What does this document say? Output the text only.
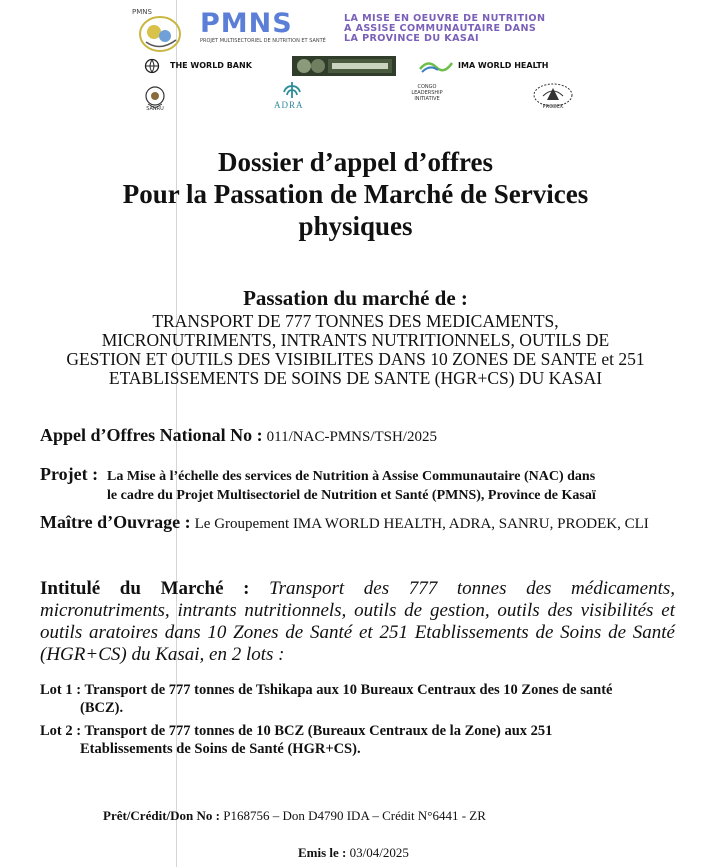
PMNS PMNS
PROJET MULTISECTORIEL DE NUTRITION ET SANTÉ
LA MISE EN OEUVRE DE NUTRITION
A ASSISE COMMUNAUTAIRE DANS
LA PROVINCE DU KASAI
THE WORLD BANK	IMA WORLD HEALTH
SANRU	ADRA
CONGO
LEADERSHIP
INITIATIVE
PRODEK
Dossier d’appel d’offres
Pour la Passation de Marché de Services
physiques
Passation du marché de :
TRANSPORT DE 777 TONNES DES MEDICAMENTS,
MICRONUTRIMENTS, INTRANTS NUTRITIONNELS, OUTILS DE
GESTION ET OUTILS DES VISIBILITES DANS 10 ZONES DE SANTE et 251
ETABLISSEMENTS DE SOINS DE SANTE (HGR+CS) DU KASAI
Appel d’Offres National No : 011/NAC-PMNS/TSH/2025
Projet : La Mise à l’échelle des services de Nutrition à Assise Communautaire (NAC) dans
le cadre du Projet Multisectoriel de Nutrition et Santé (PMNS), Province de Kasaï
Maître d’Ouvrage : Le Groupement IMA WORLD HEALTH, ADRA, SANRU, PRODEK, CLI
Intitulé du Marché : Transport des 777 tonnes des médicaments, micronutriments, intrants nutritionnels, outils de gestion, outils des visibilités et outils aratoires dans 10 Zones de Santé et 251 Etablissements de Soins de Santé (HGR+CS) du Kasai, en 2 lots :
Lot 1 : Transport de 777 tonnes de Tshikapa aux 10 Bureaux Centraux des 10 Zones de santé
(BCZ).
Lot 2 : Transport de 777 tonnes de 10 BCZ (Bureaux Centraux de la Zone) aux 251
Etablissements de Soins de Santé (HGR+CS).
Prêt/Crédit/Don No : P168756 – Don D4790 IDA – Crédit N°6441 - ZR
Emis le : 03/04/2025
